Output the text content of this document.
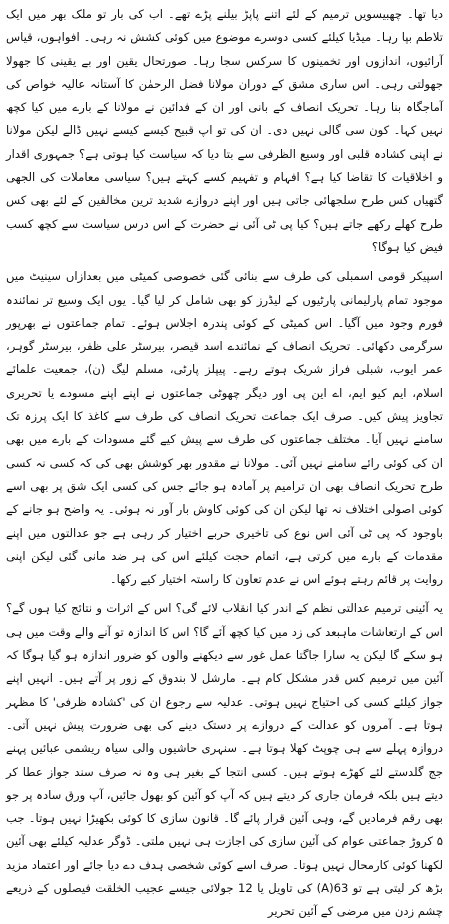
دیا تھا۔ چھبیسویں ترمیم کے لئے اتنے پاپڑ بیلنے پڑے تھے۔ اب کی بار تو ملک بھر میں ایک تلاطم بپا رہا۔ میڈیا کیلئے کسی دوسرے موضوع میں کوئی کشش نہ رہی۔ افواہوں، قیاس آرائیوں، اندازوں اور تخمینوں کا سرکس سجا رہا۔ صورتحال یقین اور بے یقینی کا جھولا جھولتی رہی۔ اس ساری مشق کے دوران مولانا فضل الرحمٰن کا آستانہ عالیہ خواص کی آماجگاہ بنا رہا۔ تحریک انصاف کے بانی اور ان کے فدائین نے مولانا کے بارے میں کیا کچھ نہیں کہا۔ کون سی گالی نہیں دی۔ ان کی تو اپ قبیح کیسے کیسے نہیں ڈالے لیکن مولانا نے اپنی کشادہ قلبی اور وسیع الظرفی سے بتا دیا کہ سیاست کیا ہوتی ہے؟ جمہوری اقدار و اخلاقیات کا تقاضا کیا ہے؟ افہام و تفہیم کسے کہتے ہیں؟ سیاسی معاملات کی الجھی گتھیاں کس طرح سلجھائی جاتی ہیں اور اپنے دروازے شدید ترین مخالفین کے لئے بھی کس طرح کھلے رکھے جاتے ہیں؟ کیا پی ٹی آئی نے حضرت کے اس درس سیاست سے کچھ کسب فیض کیا ہوگا؟

اسپیکر قومی اسمبلی کی طرف سے بنائی گئی خصوصی کمیٹی میں بعدازاں سینیٹ میں موجود تمام پارلیمانی پارٹیوں کے لیڈرز کو بھی شامل کر لیا گیا۔ یوں ایک وسیع تر نمائندہ فورم وجود میں آگیا۔ اس کمیٹی کے کوئی پندرہ اجلاس ہوئے۔ تمام جماعتوں نے بھرپور سرگرمی دکھائی۔ تحریک انصاف کے نمائندے اسد قیصر، بیرسٹر علی ظفر، بیرسٹر گوہر، عمر ایوب، شبلی فراز شریک ہوتے رہے۔ پیپلز پارٹی، مسلم لیگ (ن)، جمعیت علمائے اسلام، ایم کیو ایم، اے این پی اور دیگر چھوٹی جماعتوں نے اپنے اپنے مسودے یا تحریری تجاویز پیش کیں۔ صرف ایک جماعت تحریک انصاف کی طرف سے کاغذ کا ایک پرزہ تک سامنے نہیں آیا۔ مختلف جماعتوں کی طرف سے پیش کیے گئے مسودات کے بارے میں بھی ان کی کوئی رائے سامنے نہیں آئی۔ مولانا نے مقدور بھر کوشش بھی کی کہ کسی نہ کسی طرح تحریک انصاف بھی ان ترامیم پر آمادہ ہو جائے جس کی کسی ایک شق پر بھی اسے کوئی اصولی اختلاف نہ تھا لیکن ان کی کوئی کاوش بار آور نہ ہوئی۔ یہ واضح ہو جانے کے باوجود کہ پی ٹی آئی اس نوع کی تاخیری حربے اختیار کر رہی ہے جو عدالتوں میں اپنے مقدمات کے بارے میں کرتی ہے، اتمام حجت کیلئے اس کی ہر ضد مانی گئی لیکن اپنی روایت پر قائم رہتے ہوئے اس نے عدم تعاون کا راستہ اختیار کیے رکھا۔

یہ آئینی ترمیم عدالتی نظم کے اندر کیا انقلاب لائے گی؟ اس کے اثرات و نتائج کیا ہوں گے؟ اس کے ارتعاشات ماہبعد کی زد میں کیا کچھ آئے گا؟ اس کا اندازہ تو آنے والے وقت میں ہی ہو سکے گا لیکن یہ سارا جاگتا عمل غور سے دیکھنے والوں کو ضرور اندازہ ہو گیا ہوگا کہ آئین میں ترمیم کس قدر مشکل کام ہے۔ مارشل لا بندوق کے زور پر آتے ہیں۔ انہیں اپنے جواز کیلئے کسی کی احتیاج نہیں ہوتی۔ عدلیہ سے رجوع ان کی 'کشادہ ظرفی' کا مظہر ہوتا ہے۔ آمروں کو عدالت کے دروازے پر دستک دینے کی بھی ضرورت پیش نہیں آتی۔ دروازہ پہلے سے ہی چوپٹ کھلا ہوتا ہے۔ سنہری حاشیوں والی سیاہ ریشمی عبائیں پہنے جج گلدستے لئے کھڑے ہوتے ہیں۔ کسی انتجا کے بغیر ہی وہ نہ صرف سند جواز عطا کر دیتے ہیں بلکہ فرمان جاری کر دیتے ہیں کہ آپ کو آئین کو بھول جائیں، آپ ورق سادہ پر جو بھی رقم فرمادیں گے، وہی آئین قرار پائے گا۔ قانون سازی کا کوئی بکھیڑا نہیں ہوتا۔ جب ۵ کروڑ جماعتی عوام کی آئین سازی کی اجازت ہی نہیں ملتی۔ ڈوگر عدلیہ کیلئے بھی آئین لکھنا کوئی کارمحال نہیں ہوتا۔ صرف اسے کوئی شخصی ہدف دے دیا جائے اور اعتماد مزید بڑھ کر لیتی ہے تو 63(A) کی تاویل یا 12 جولائی جیسے عجیب الخلقت فیصلوں کے ذریعے چشم زدن میں مرضی کے آئین تحریر
